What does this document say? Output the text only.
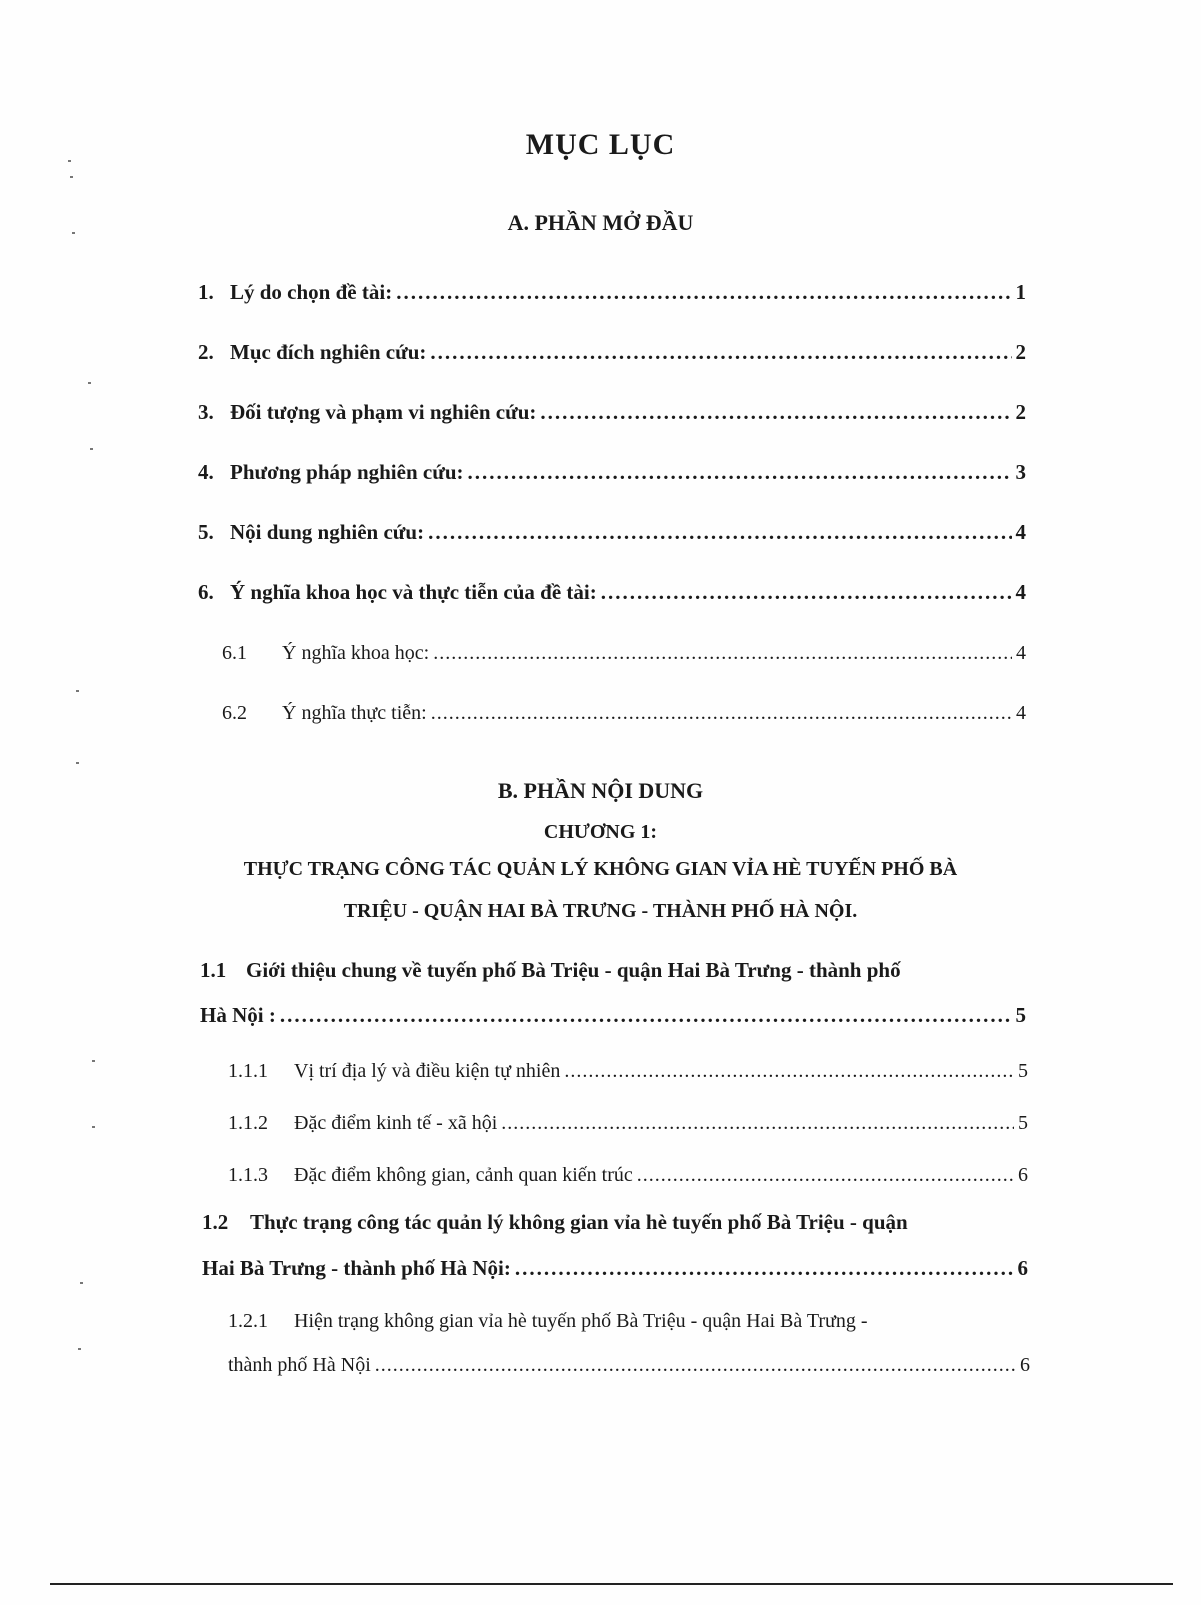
MỤC LỤC
A. PHẦN MỞ ĐẦU
1. Lý do chọn đề tài: .....	1
2. Mục đích nghiên cứu: .....	2
3. Đối tượng và phạm vi nghiên cứu: .....	2
4. Phương pháp nghiên cứu: .....	3
5. Nội dung nghiên cứu: .....	4
6. Ý nghĩa khoa học và thực tiễn của đề tài: .....	4
6.1	Ý nghĩa khoa học: .....	4
6.2	Ý nghĩa thực tiễn: .....	4
B. PHẦN NỘI DUNG
CHƯƠNG 1:
THỰC TRẠNG CÔNG TÁC QUẢN LÝ KHÔNG GIAN VỈA HÈ TUYẾN PHỐ BÀ
TRIỆU - QUẬN HAI BÀ TRƯNG - THÀNH PHỐ HÀ NỘI.
1.1 Giới thiệu chung về tuyến phố Bà Triệu - quận Hai Bà Trưng - thành phố
Hà Nội : .....	5
1.1.1	Vị trí địa lý và điều kiện tự nhiên .....	5
1.1.2	Đặc điểm kinh tế - xã hội .....	5
1.1.3	Đặc điểm không gian, cảnh quan kiến trúc .....	6
1.2 Thực trạng công tác quản lý không gian vỉa hè tuyến phố Bà Triệu - quận
Hai Bà Trưng - thành phố Hà Nội: .....	6
1.2.1 Hiện trạng không gian vỉa hè tuyến phố Bà Triệu - quận Hai Bà Trưng -
thành phố Hà Nội .....	6
